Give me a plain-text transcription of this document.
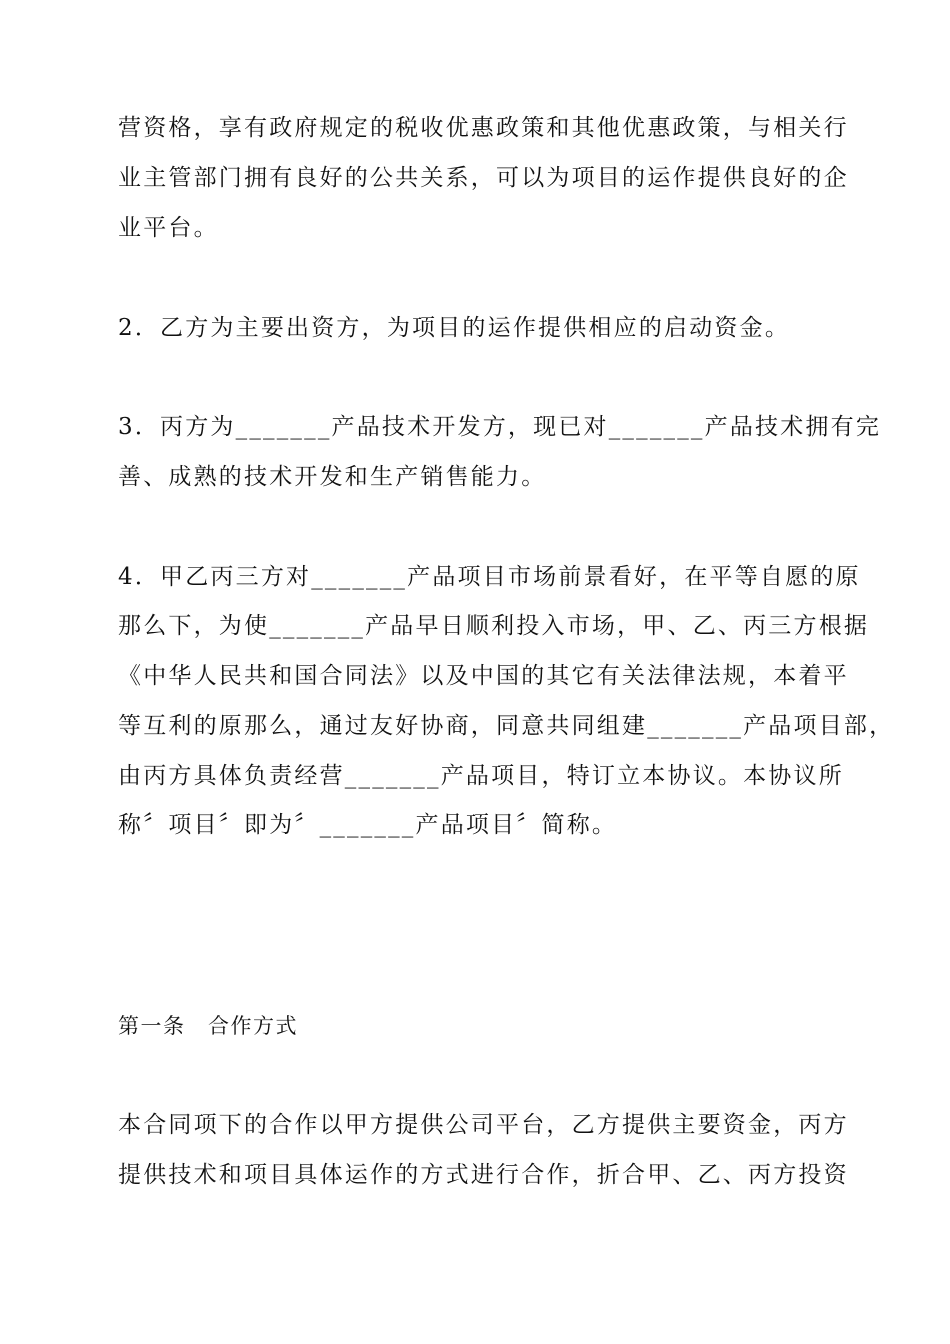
营资格，享有政府规定的税收优惠政策和其他优惠政策，与相关行
业主管部门拥有良好的公共关系，可以为项目的运作提供良好的企
业平台。
2．乙方为主要出资方，为项目的运作提供相应的启动资金。
3．丙方为_______产品技术开发方，现已对_______产品技术拥有完
善、成熟的技术开发和生产销售能力。
4．甲乙丙三方对_______产品项目市场前景看好，在平等自愿的原
那么下，为使_______产品早日顺利投入市场，甲、乙、丙三方根据
《中华人民共和国合同法》以及中国的其它有关法律法规，本着平
等互利的原那么，通过友好协商，同意共同组建_______产品项目部，
由丙方具体负责经营_______产品项目，特订立本协议。本协议所
称〞项目〞即为〞_______产品项目〞简称。
第一条　合作方式
本合同项下的合作以甲方提供公司平台，乙方提供主要资金，丙方
提供技术和项目具体运作的方式进行合作，折合甲、乙、丙方投资
